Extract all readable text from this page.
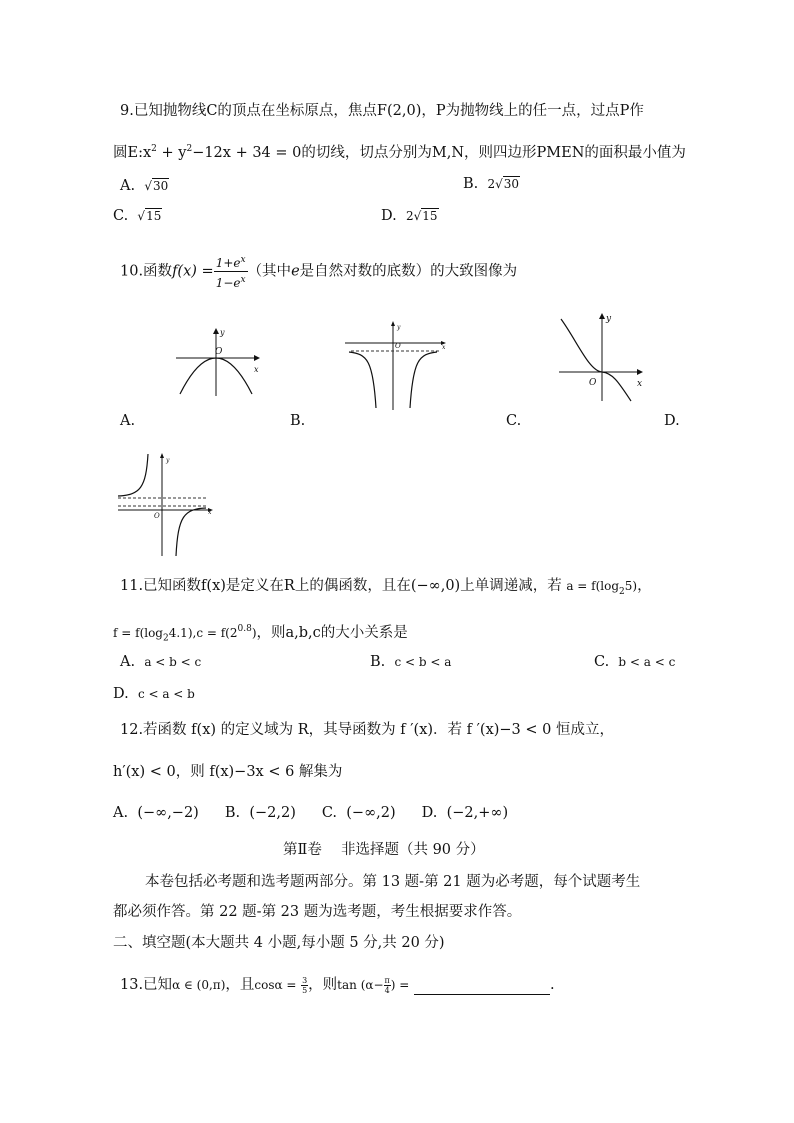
9.已知抛物线C的顶点在坐标原点，焦点F(2,0)，P为抛物线上的任一点，过点P作
圆$E:x^2 + y^2-12x + 34 = 0$的切线，切点分别为M,N，则四边形PMEN的面积最小值为
A. √30	B. 2√30
C. √15	D. 2√15
10.函数$f(x) = \frac{1+e^x}{1-e^x}$ （其中e是自然对数的底数）的大致图像为
x
y
O	x
y
O
x
y
O
A.	B.	C.	D.
x
y
O
11.已知函数f(x)是定义在R上的偶函数，且在(−∞,0)上单调递减，若 $a = f(\log_25)$，
$f = f(\log_24.1),c = f(2^{0.8})$，则a,b,c的大小关系是
A. a < b < c	B. c < b < a	C. b < a < c
D. c < a < b
12.若函数 f(x) 的定义域为 R，其导函数为 f ′(x)．若 f ′(x)−3 < 0 恒成立，
h′(x) < 0，则 f(x)−3x < 6 解集为
A. (−∞,−2) B. (−2,2) C. (−∞,2) D. (−2,+∞)
第Ⅱ卷　 非选择题（共 90 分）
本卷包括必考题和选考题两部分。第 13 题-第 21 题为必考题，每个试题考生
都必须作答。第 22 题-第 23 题为选考题，考生根据要求作答。
二、填空题(本大题共 4 小题,每小题 5 分,共 20 分)
13.已知α ∈ (0,π)，且$\cos\alpha = \frac{3}{5}$ ，则$\tan (\alpha- \frac{\pi}{4}$ ) =	.
